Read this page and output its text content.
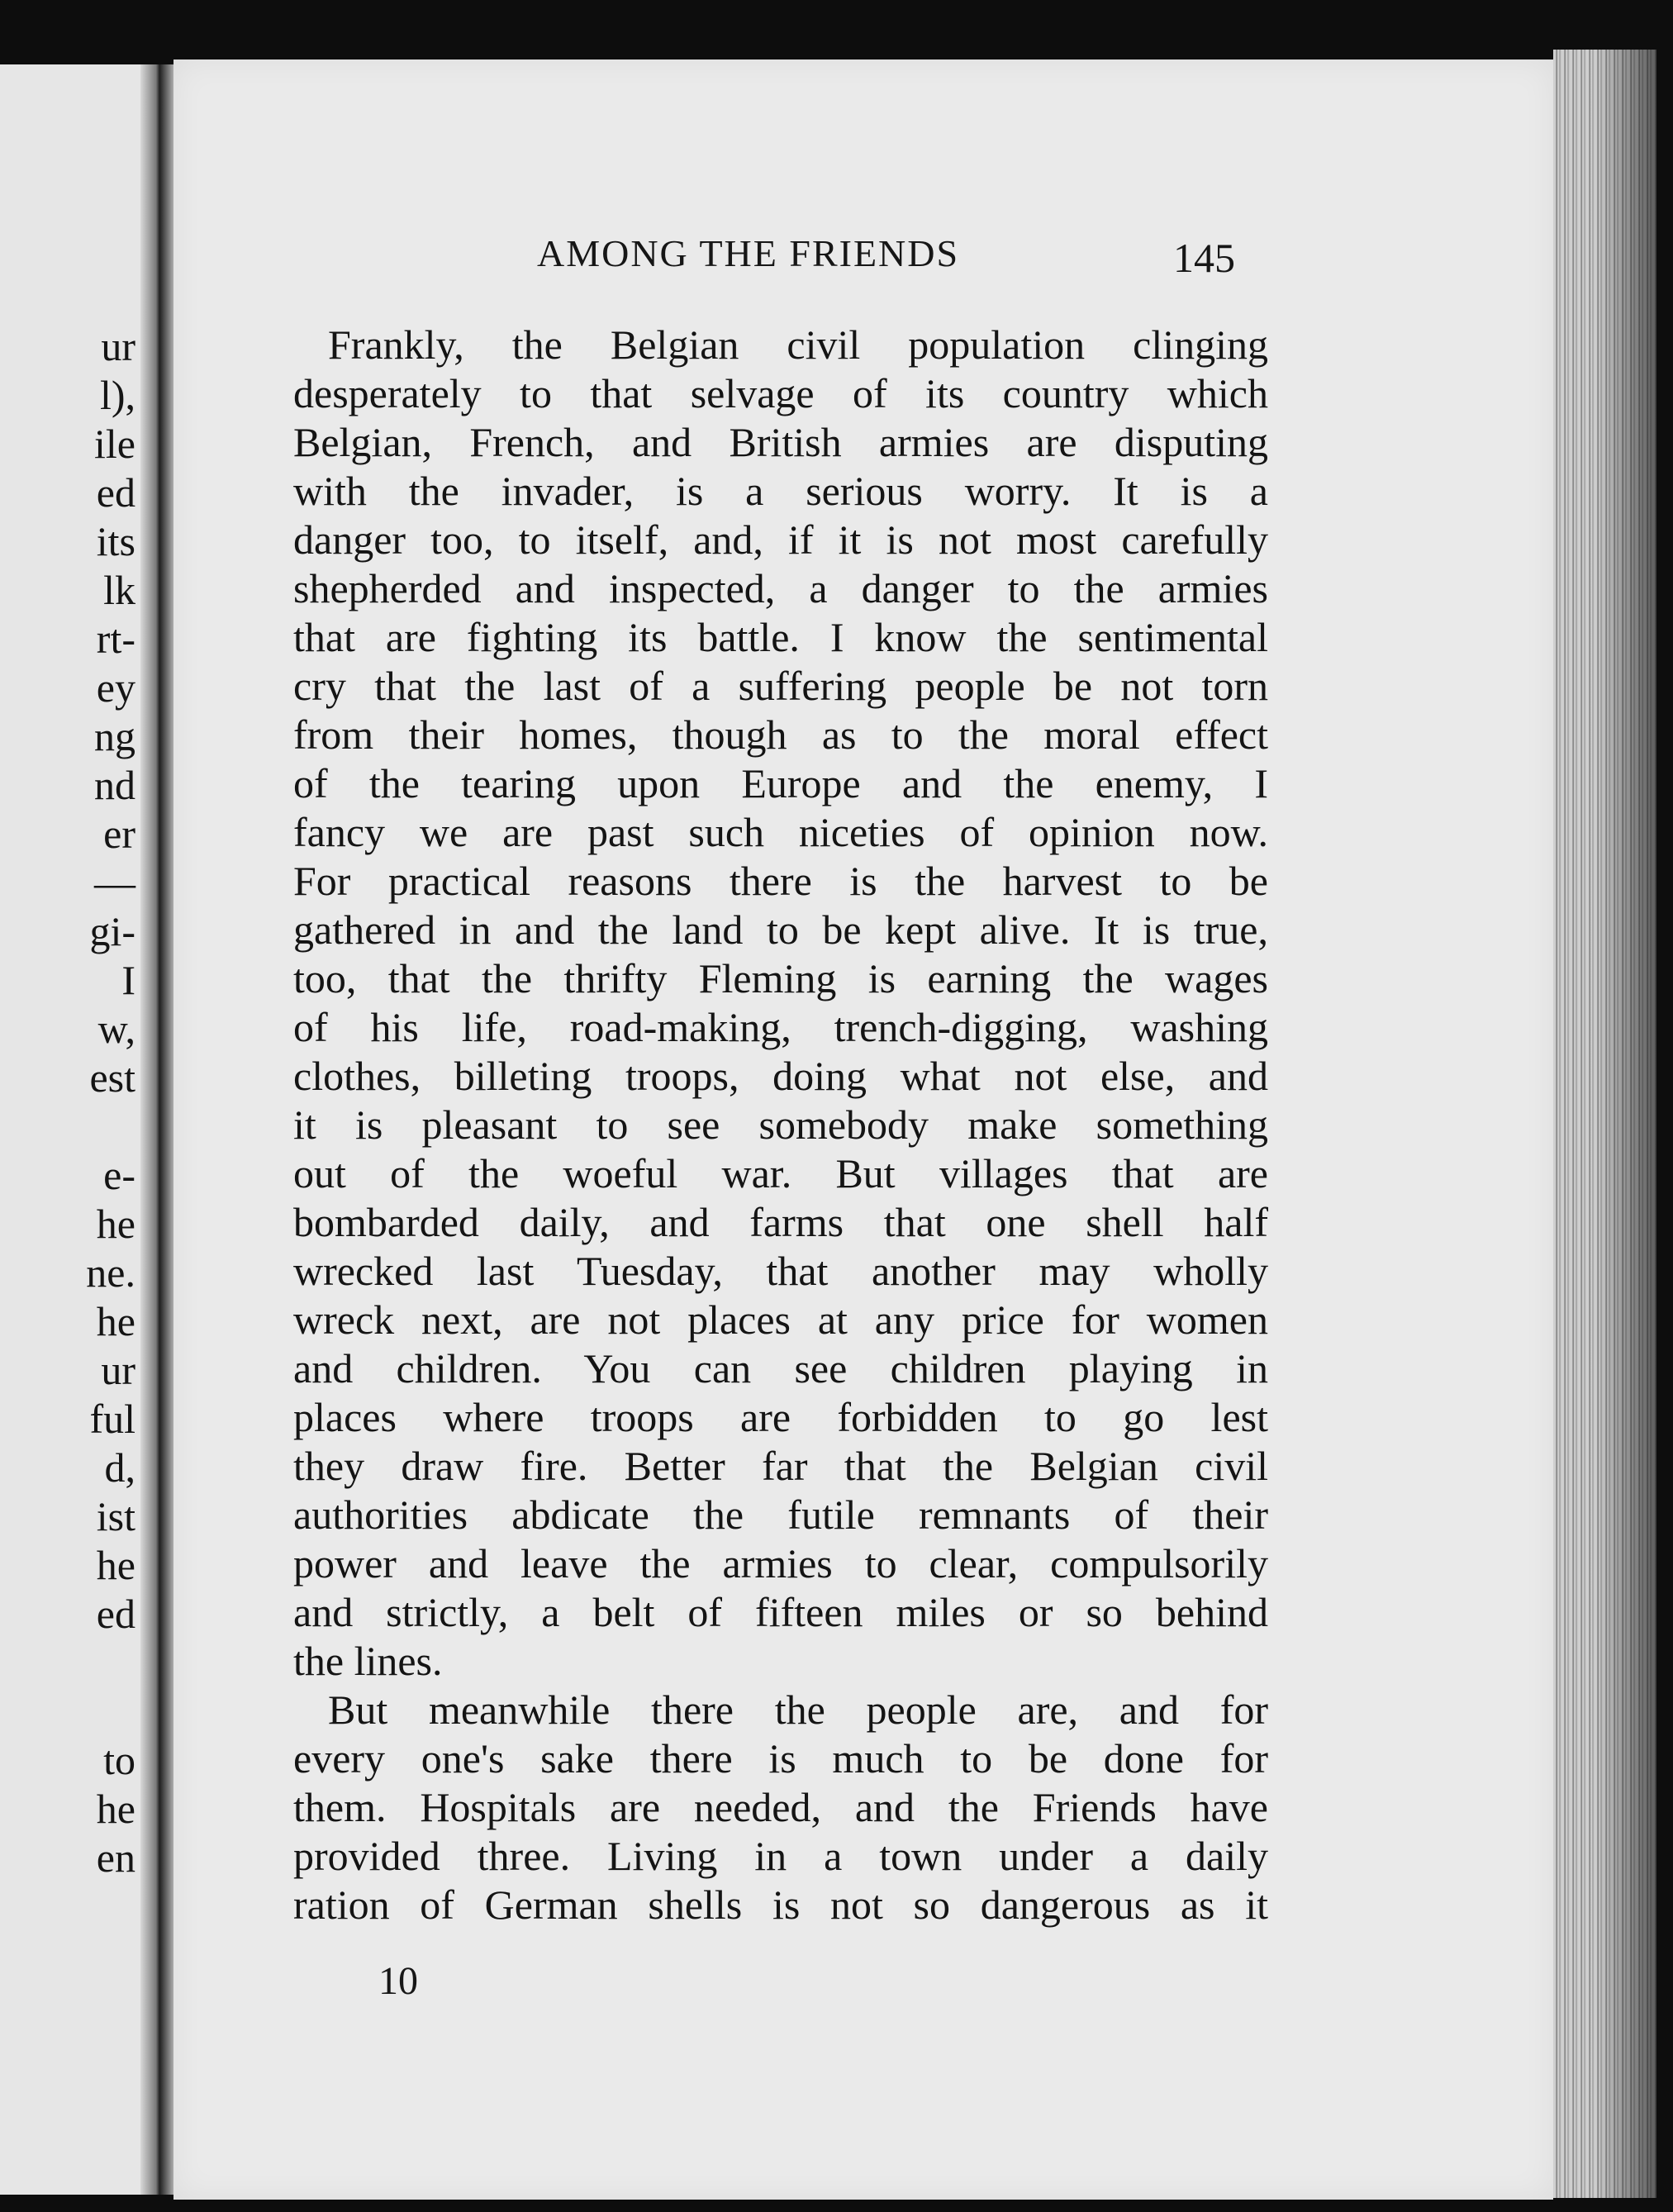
ur
l),
ile
ed
its
lk
rt-
ey
ng
nd
er
—
gi-
I
w,
est
e-
he
ne.
he
ur
ful
d,
ist
he
ed
to
he
en
AMONG THE FRIENDS	145
Frankly, the Belgian civil population clinging
desperately to that selvage of its country which
Belgian, French, and British armies are disputing
with the invader, is a serious worry. It is a
danger too, to itself, and, if it is not most carefully
shepherded and inspected, a danger to the armies
that are fighting its battle. I know the sentimental
cry that the last of a suffering people be not torn
from their homes, though as to the moral effect
of the tearing upon Europe and the enemy, I
fancy we are past such niceties of opinion now.
For practical reasons there is the harvest to be
gathered in and the land to be kept alive. It is true,
too, that the thrifty Fleming is earning the wages
of his life, road-making, trench-digging, washing
clothes, billeting troops, doing what not else, and
it is pleasant to see somebody make something
out of the woeful war. But villages that are
bombarded daily, and farms that one shell half
wrecked last Tuesday, that another may wholly
wreck next, are not places at any price for women
and children. You can see children playing in
places where troops are forbidden to go lest
they draw fire. Better far that the Belgian civil
authorities abdicate the futile remnants of their
power and leave the armies to clear, compulsorily
and strictly, a belt of fifteen miles or so behind
the lines.
But meanwhile there the people are, and for
every one's sake there is much to be done for
them. Hospitals are needed, and the Friends have
provided three. Living in a town under a daily
ration of German shells is not so dangerous as it
10
